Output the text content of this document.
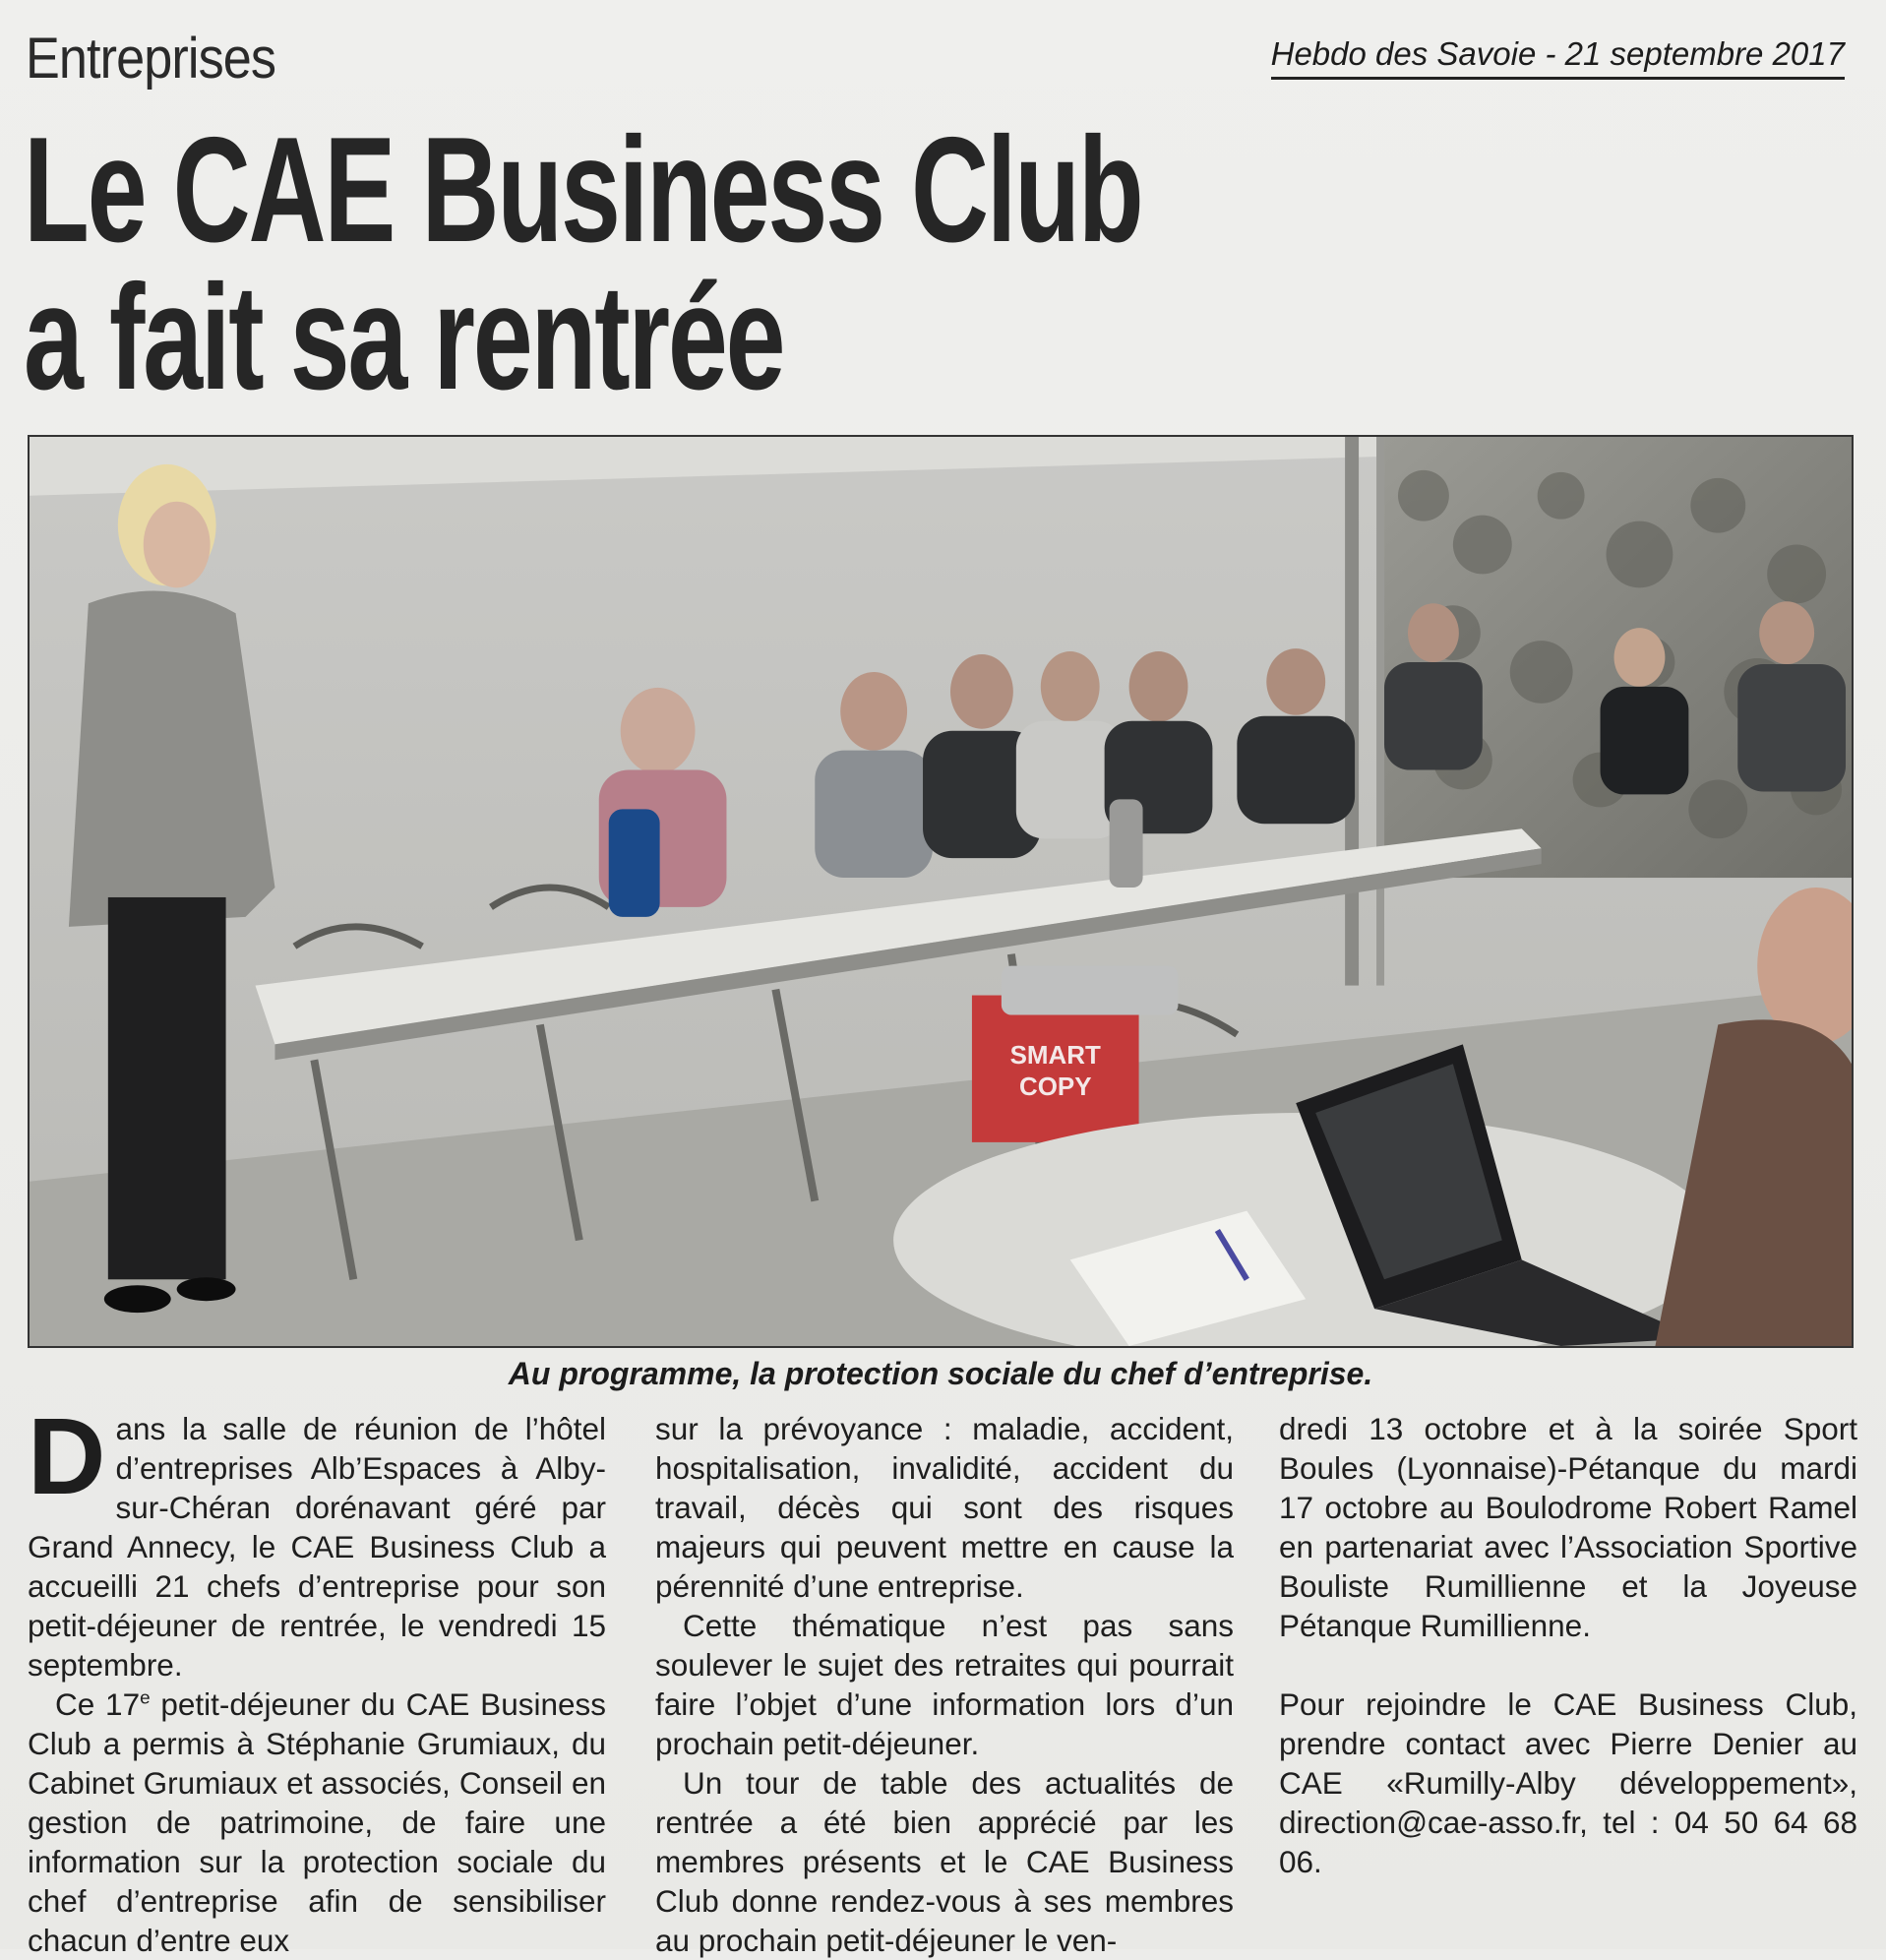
Entreprises	Hebdo des Savoie - 21 septembre 2017
Le CAE Business Club
a fait sa rentrée
SMART
COPY
Au programme, la protection sociale du chef d’entreprise.

Dans la salle de réunion de l’hôtel d’entreprises Alb’Espaces à Alby-sur-Chéran dorénavant géré par Grand Annecy, le CAE Business Club a accueilli 21 chefs d’entreprise pour son petit-déjeuner de rentrée, le vendredi 15 septembre.

Ce 17e petit-déjeuner du CAE Business Club a permis à Stéphanie Grumiaux, du Cabinet Grumiaux et associés, Conseil en gestion de patrimoine, de faire une information sur la protection sociale du chef d’entreprise afin de sensibiliser chacun d’entre eux

sur la prévoyance : maladie, accident, hospitalisation, invalidité, accident du travail, décès qui sont des risques majeurs qui peuvent mettre en cause la pérennité d’une entreprise.

Cette thématique n’est pas sans soulever le sujet des retraites qui pourrait faire l’objet d’une information lors d’un prochain petit-déjeuner.

Un tour de table des actualités de rentrée a été bien apprécié par les membres présents et le CAE Business Club donne rendez-vous à ses membres au prochain petit-déjeuner le ven-

dredi 13 octobre et à la soirée Sport Boules (Lyonnaise)-Pétanque du mardi 17 octobre au Boulodrome Robert Ramel en partenariat avec l’Association Sportive Bouliste Rumillienne et la Joyeuse Pétanque Rumillienne.

Pour rejoindre le CAE Business Club, prendre contact avec Pierre Denier au CAE «Rumilly-Alby développement», direction@cae-asso.fr, tel : 04 50 64 68 06.
